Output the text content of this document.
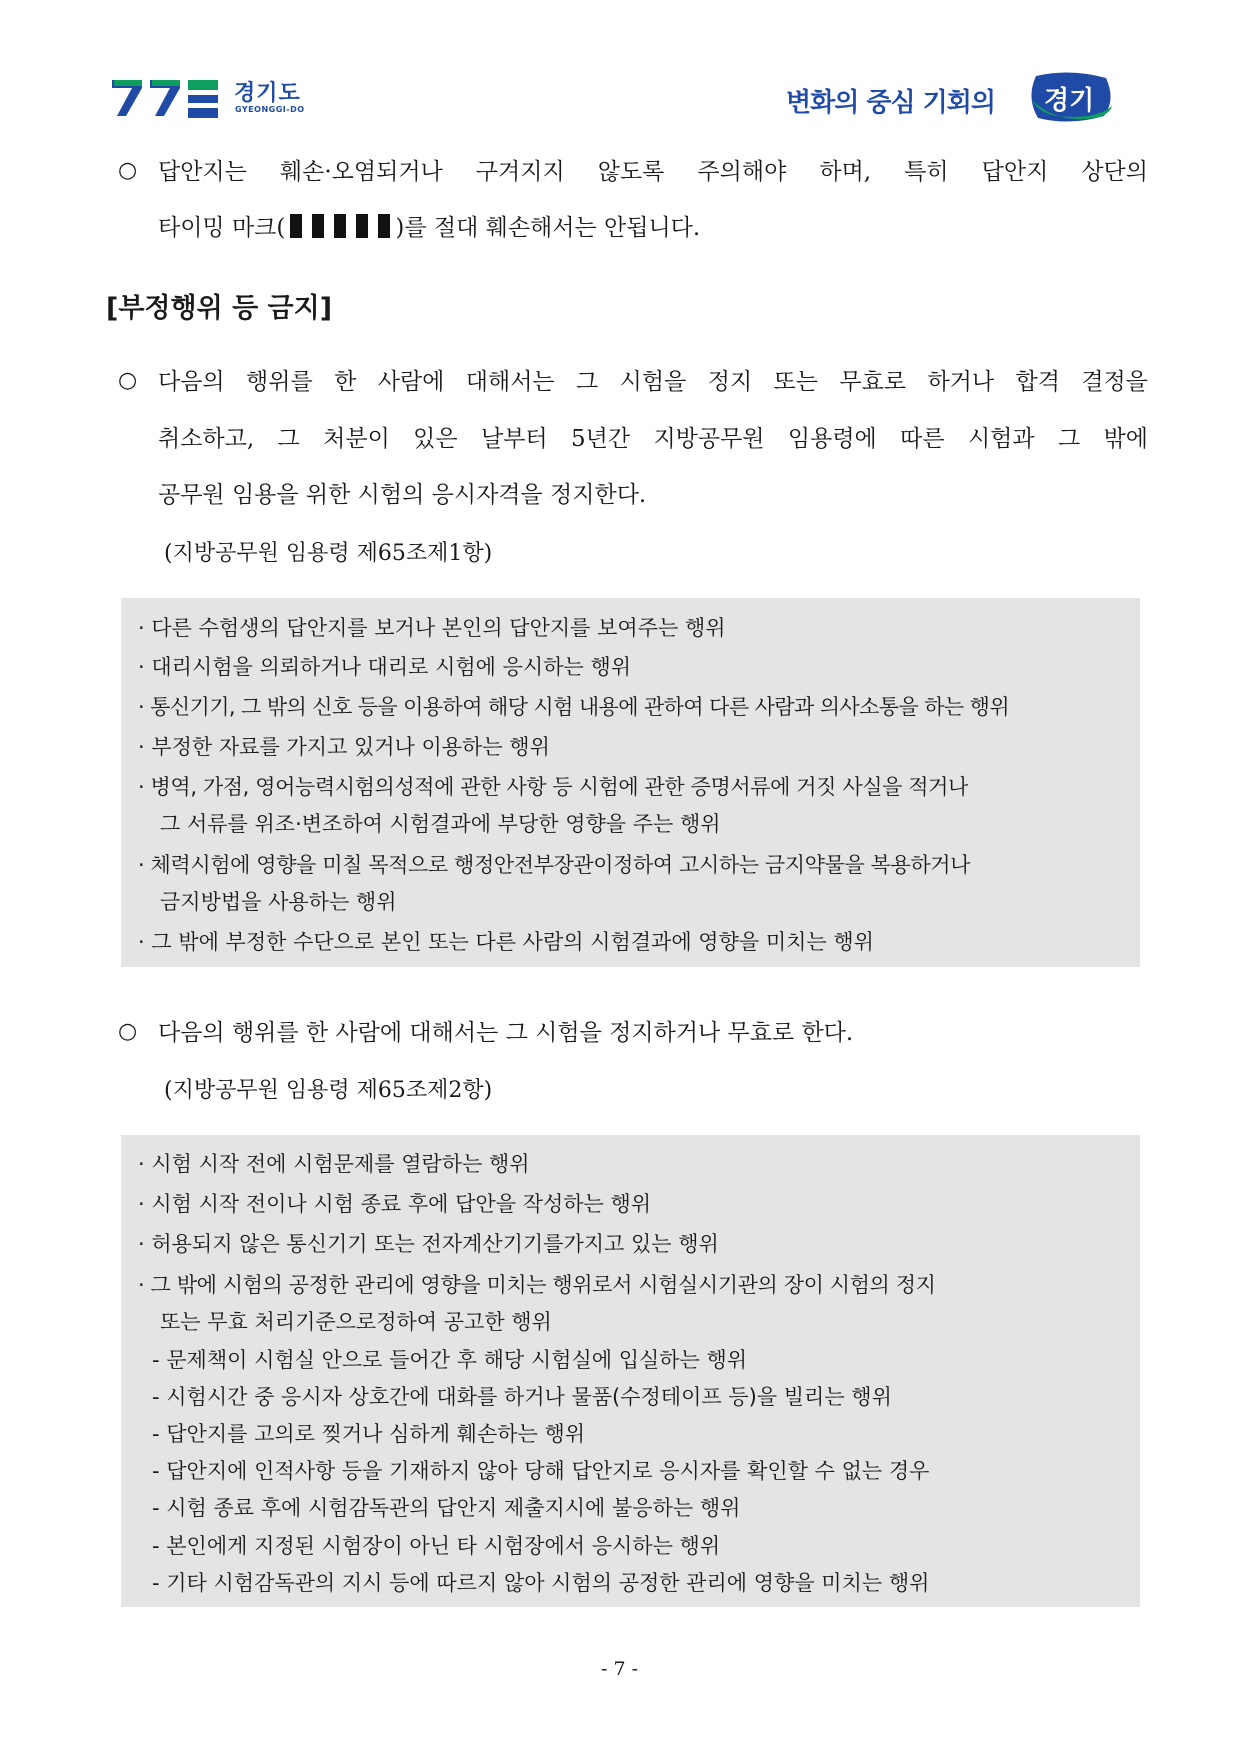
경기도
GYEONGGI-DO	변화의 중심 기회의 경기
○ 답안지는 훼손·오염되거나 구겨지지 않도록 주의해야 하며, 특히 답안지 상단의
타이밍 마크(	)를 절대 훼손해서는 안됩니다.
[부정행위 등 금지]
○ 다음의 행위를 한 사람에 대해서는 그 시험을 정지 또는 무효로 하거나 합격 결정을
취소하고, 그 처분이 있은 날부터 5년간 지방공무원 임용령에 따른 시험과 그 밖에
공무원 임용을 위한 시험의 응시자격을 정지한다.
(지방공무원 임용령 제65조제1항)
· 다른 수험생의 답안지를 보거나 본인의 답안지를 보여주는 행위
· 대리시험을 의뢰하거나 대리로 시험에 응시하는 행위
· 통신기기, 그 밖의 신호 등을 이용하여 해당 시험 내용에 관하여 다른 사람과 의사소통을 하는 행위
· 부정한 자료를 가지고 있거나 이용하는 행위
· 병역, 가점, 영어능력시험의성적에 관한 사항 등 시험에 관한 증명서류에 거짓 사실을 적거나
그 서류를 위조·변조하여 시험결과에 부당한 영향을 주는 행위
· 체력시험에 영향을 미칠 목적으로 행정안전부장관이정하여 고시하는 금지약물을 복용하거나
금지방법을 사용하는 행위
· 그 밖에 부정한 수단으로 본인 또는 다른 사람의 시험결과에 영향을 미치는 행위
○ 다음의 행위를 한 사람에 대해서는 그 시험을 정지하거나 무효로 한다.
(지방공무원 임용령 제65조제2항)
· 시험 시작 전에 시험문제를 열람하는 행위
· 시험 시작 전이나 시험 종료 후에 답안을 작성하는 행위
· 허용되지 않은 통신기기 또는 전자계산기기를가지고 있는 행위
· 그 밖에 시험의 공정한 관리에 영향을 미치는 행위로서 시험실시기관의 장이 시험의 정지
또는 무효 처리기준으로정하여 공고한 행위
- 문제책이 시험실 안으로 들어간 후 해당 시험실에 입실하는 행위
- 시험시간 중 응시자 상호간에 대화를 하거나 물품(수정테이프 등)을 빌리는 행위
- 답안지를 고의로 찢거나 심하게 훼손하는 행위
- 답안지에 인적사항 등을 기재하지 않아 당해 답안지로 응시자를 확인할 수 없는 경우
- 시험 종료 후에 시험감독관의 답안지 제출지시에 불응하는 행위
- 본인에게 지정된 시험장이 아닌 타 시험장에서 응시하는 행위
- 기타 시험감독관의 지시 등에 따르지 않아 시험의 공정한 관리에 영향을 미치는 행위
- 7 -
